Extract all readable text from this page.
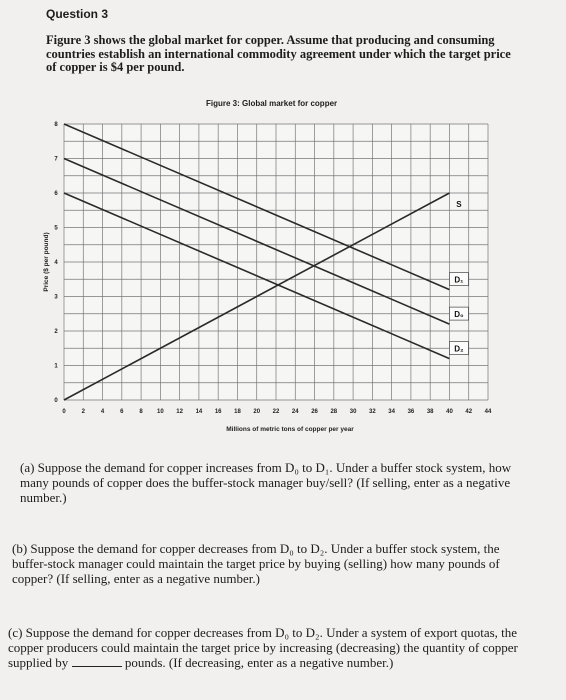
Question 3
Figure 3 shows the global market for copper. Assume that producing and consuming countries establish an international commodity agreement under which the target price of copper is $4 per pound.
Figure 3: Global market for copper
S
D₁
D₀
D₂
0	2	4	6	8 10 12 14 16 18 20 22 24 26 28 30 32 34 36 38 40 42 44
0
1
2
3
4
5
6
7
8
Millions of metric tons of copper per year
Price ($ per pound)
(a) Suppose the demand for copper increases from D₀ to D₁. Under a buffer stock system, how many pounds of copper does the buffer-stock manager buy/sell? (If selling, enter as a negative number.)
(b) Suppose the demand for copper decreases from D₀ to D₂. Under a buffer stock system, the buffer-stock manager could maintain the target price by buying (selling) how many pounds of copper? (If selling, enter as a negative number.)
(c) Suppose the demand for copper decreases from D₀ to D₂. Under a system of export quotas, the copper producers could maintain the target price by increasing (decreasing) the quantity of copper supplied by	pounds. (If decreasing, enter as a negative number.)
